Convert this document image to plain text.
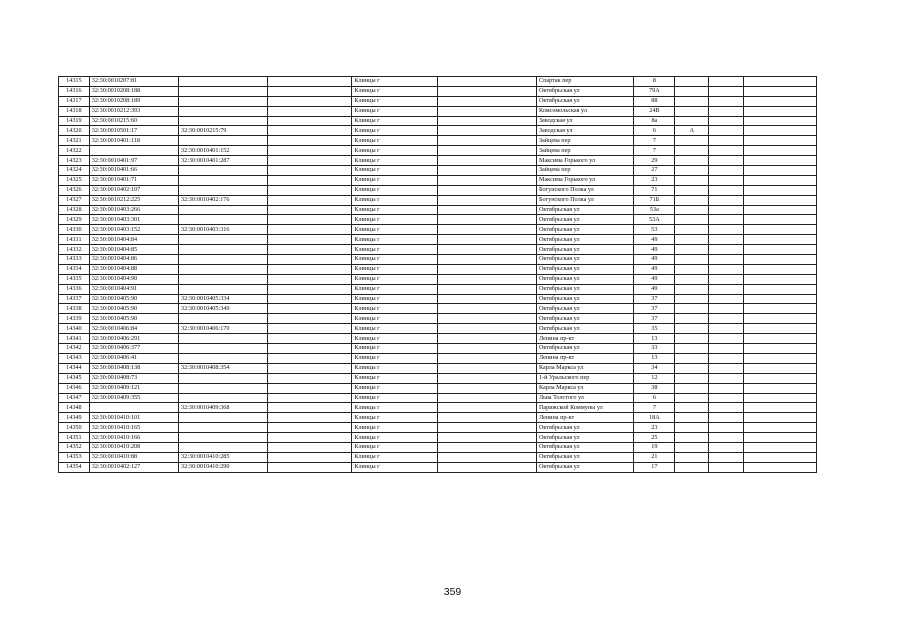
14315	32:30:0010207:81			Клинцы г		Спартак пер	8			
14316	32:30:0010208:188			Клинцы г		Октябрьская ул	79А			
14317	32:30:0010208:189			Клинцы г		Октябрьская ул	88			
14318	32:30:0010212:393			Клинцы г		Комсомольская ул	24В			
14319	32:30:0010215:60			Клинцы г		Заводская ул	8а			
14320	32:30:0010501:17	32:30:0010215:79		Клинцы г		Заводская ул	6	А		
14321	32:30:0010401:118			Клинцы г		Зайцева пер	7			
14322		32:30:0010401:152		Клинцы г		Зайцева пер	7			
14323	32:30:0010401:97	32:30:0010401:287		Клинцы г		Максима Горького ул	29			
14324	32:30:0010401:66			Клинцы г		Зайцева пер	27			
14325	32:30:0010401:71			Клинцы г		Максима Горького ул	23			
14326	32:30:0010402:107			Клинцы г		Богунского Полка ул	71			
14327	32:30:0010212:225	32:30:0010402:176		Клинцы г		Богунского Полка ул	71Б			
14328	32:30:0010403:266			Клинцы г		Октябрьская ул	53а			
14329	32:30:0010403:301			Клинцы г		Октябрьская ул	53А			
14330	32:30:0010403:152	32:30:0010403:316		Клинцы г		Октябрьская ул	53			
14331	32:30:0010404:84			Клинцы г		Октябрьская ул	49			
14332	32:30:0010404:85			Клинцы г		Октябрьская ул	49			
14333	32:30:0010404:86			Клинцы г		Октябрьская ул	49			
14334	32:30:0010404:88			Клинцы г		Октябрьская ул	49			
14335	32:30:0010404:90			Клинцы г		Октябрьская ул	49			
14336	32:30:0010404:91			Клинцы г		Октябрьская ул	49			
14337	32:30:0010405:90	32:30:0010405:334		Клинцы г		Октябрьская ул	37			
14338	32:30:0010405:90	32:30:0010405:349		Клинцы г		Октябрьская ул	37			
14339	32:30:0010405:90			Клинцы г		Октябрьская ул	37			
14340	32:30:0010406:84	32:30:0010406:170		Клинцы г		Октябрьская ул	35			
14341	32:30:0010406:291			Клинцы г		Ленина пр-кт	13			
14342	32:30:0010406:377			Клинцы г		Октябрьская ул	33			
14343	32:30:0010406:41			Клинцы г		Ленина пр-кт	13			
14344	32:30:0010408:138	32:30:0010408:354		Клинцы г		Карла Маркса ул	34			
14345	32:30:0010408:73			Клинцы г		1-й Уральского пер	12			
14346	32:30:0010409:121			Клинцы г		Карла Маркса ул	38			
14347	32:30:0010409:355			Клинцы г		Льва Толстого ул	6			
14348		32:30:0010409:368		Клинцы г		Парижской Коммуны ул	7			
14349	32:30:0010410:101			Клинцы г		Ленина пр-кт	18А			
14350	32:30:0010410:165			Клинцы г		Октябрьская ул	23			
14351	32:30:0010410:166			Клинцы г		Октябрьская ул	25			
14352	32:30:0010410:208			Клинцы г		Октябрьская ул	19			
14353	32:30:0010410:88	32:30:0010410:285		Клинцы г		Октябрьская ул	21			
14354	32:30:0010402:127	32:30:0010410:290		Клинцы г		Октябрьская ул	17			
359
